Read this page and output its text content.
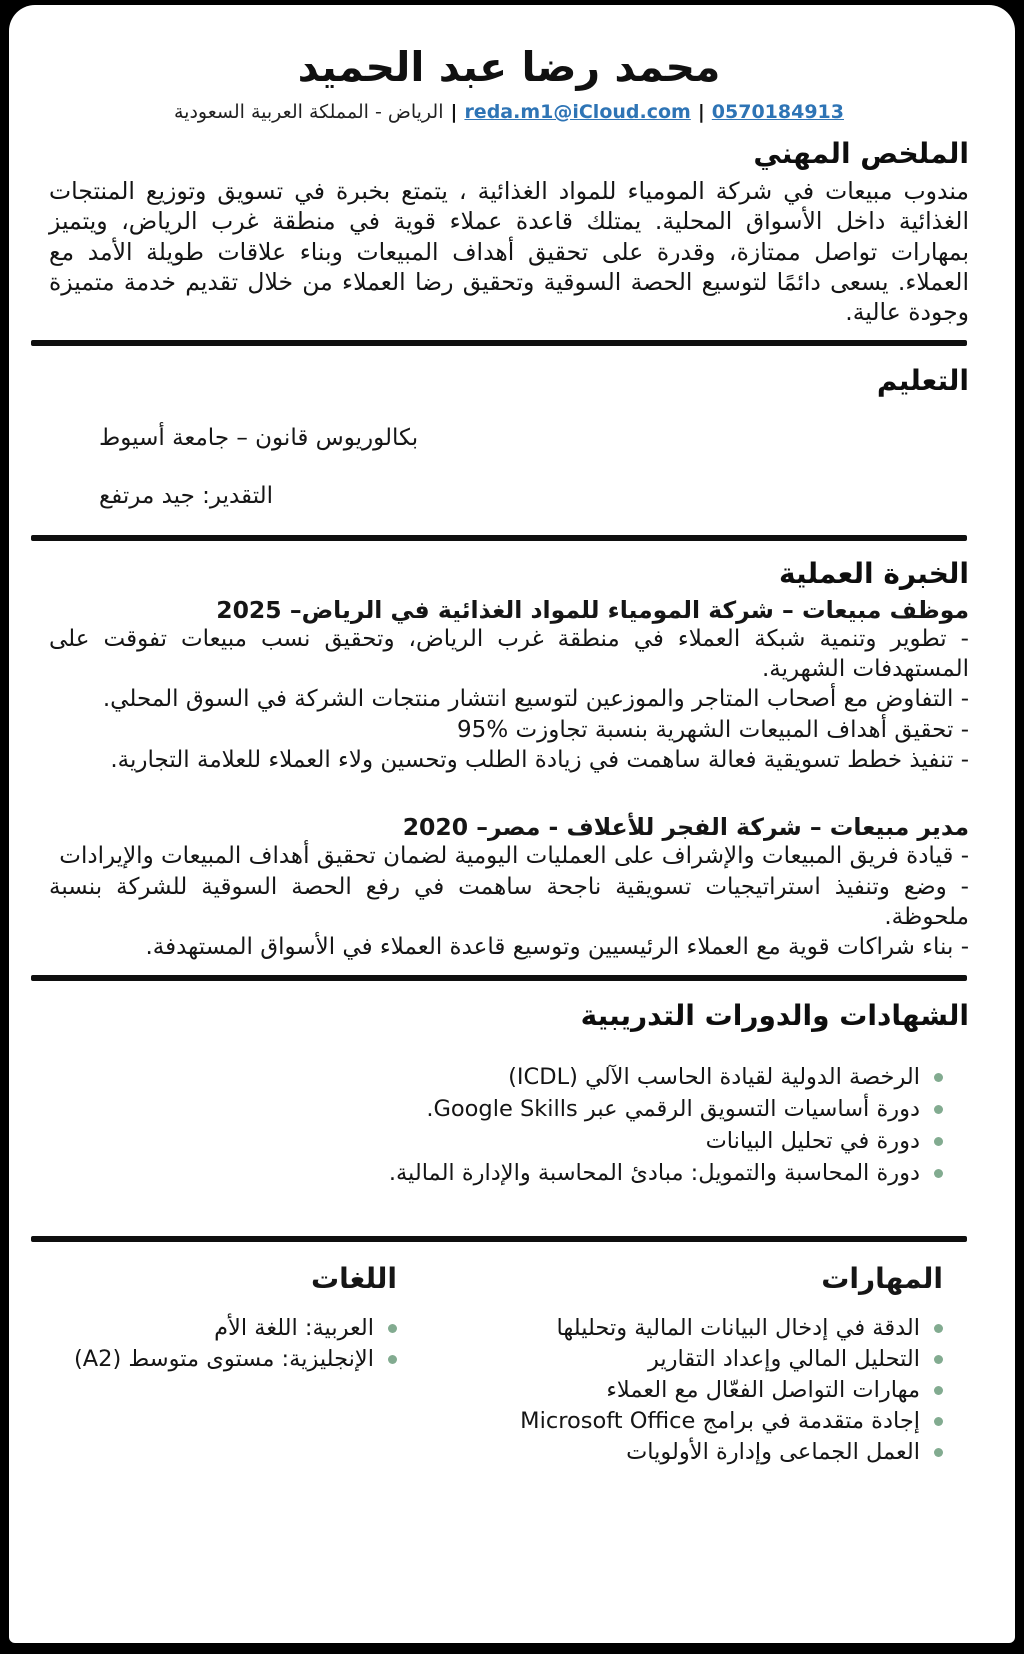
محمد رضا عبد الحميد
0570184913|reda.m1@iCloud.com|الرياض - المملكة العربية السعودية
الملخص المهني
مندوب مبيعات في شركة المومياء للمواد الغذائية ، يتمتع بخبرة في تسويق وتوزيع المنتجات الغذائية داخل الأسواق المحلية. يمتلك قاعدة عملاء قوية في منطقة غرب الرياض، ويتميز بمهارات تواصل ممتازة، وقدرة على تحقيق أهداف المبيعات وبناء علاقات طويلة الأمد مع العملاء. يسعى دائمًا لتوسيع الحصة السوقية وتحقيق رضا العملاء من خلال تقديم خدمة متميزة وجودة عالية.
التعليم
بكالوريوس قانون – جامعة أسيوط
التقدير: جيد مرتفع
الخبرة العملية
موظف مبيعات – شركة المومياء للمواد الغذائية في الرياض– 2025
- تطوير وتنمية شبكة العملاء في منطقة غرب الرياض، وتحقيق نسب مبيعات تفوقت على المستهدفات الشهرية.
- التفاوض مع أصحاب المتاجر والموزعين لتوسيع انتشار منتجات الشركة في السوق المحلي.
- تحقيق أهداف المبيعات الشهرية بنسبة تجاوزت %95
- تنفيذ خطط تسويقية فعالة ساهمت في زيادة الطلب وتحسين ولاء العملاء للعلامة التجارية.
مدير مبيعات – شركة الفجر للأعلاف - مصر– 2020
- قيادة فريق المبيعات والإشراف على العمليات اليومية لضمان تحقيق أهداف المبيعات والإيرادات
- وضع وتنفيذ استراتيجيات تسويقية ناجحة ساهمت في رفع الحصة السوقية للشركة بنسبة ملحوظة.
- بناء شراكات قوية مع العملاء الرئيسيين وتوسيع قاعدة العملاء في الأسواق المستهدفة.
الشهادات والدورات التدريبية
الرخصة الدولية لقيادة الحاسب الآلي (ICDL)
دورة أساسيات التسويق الرقمي عبر Google Skills.
دورة في تحليل البيانات
دورة المحاسبة والتمويل: مبادئ المحاسبة والإدارة المالية.
المهارات
الدقة في إدخال البيانات المالية وتحليلها
التحليل المالي وإعداد التقارير
مهارات التواصل الفعّال مع العملاء
إجادة متقدمة في برامج Microsoft Office
العمل الجماعى وإدارة الأولويات
اللغات
العربية: اللغة الأم
الإنجليزية: مستوى متوسط (A2)
